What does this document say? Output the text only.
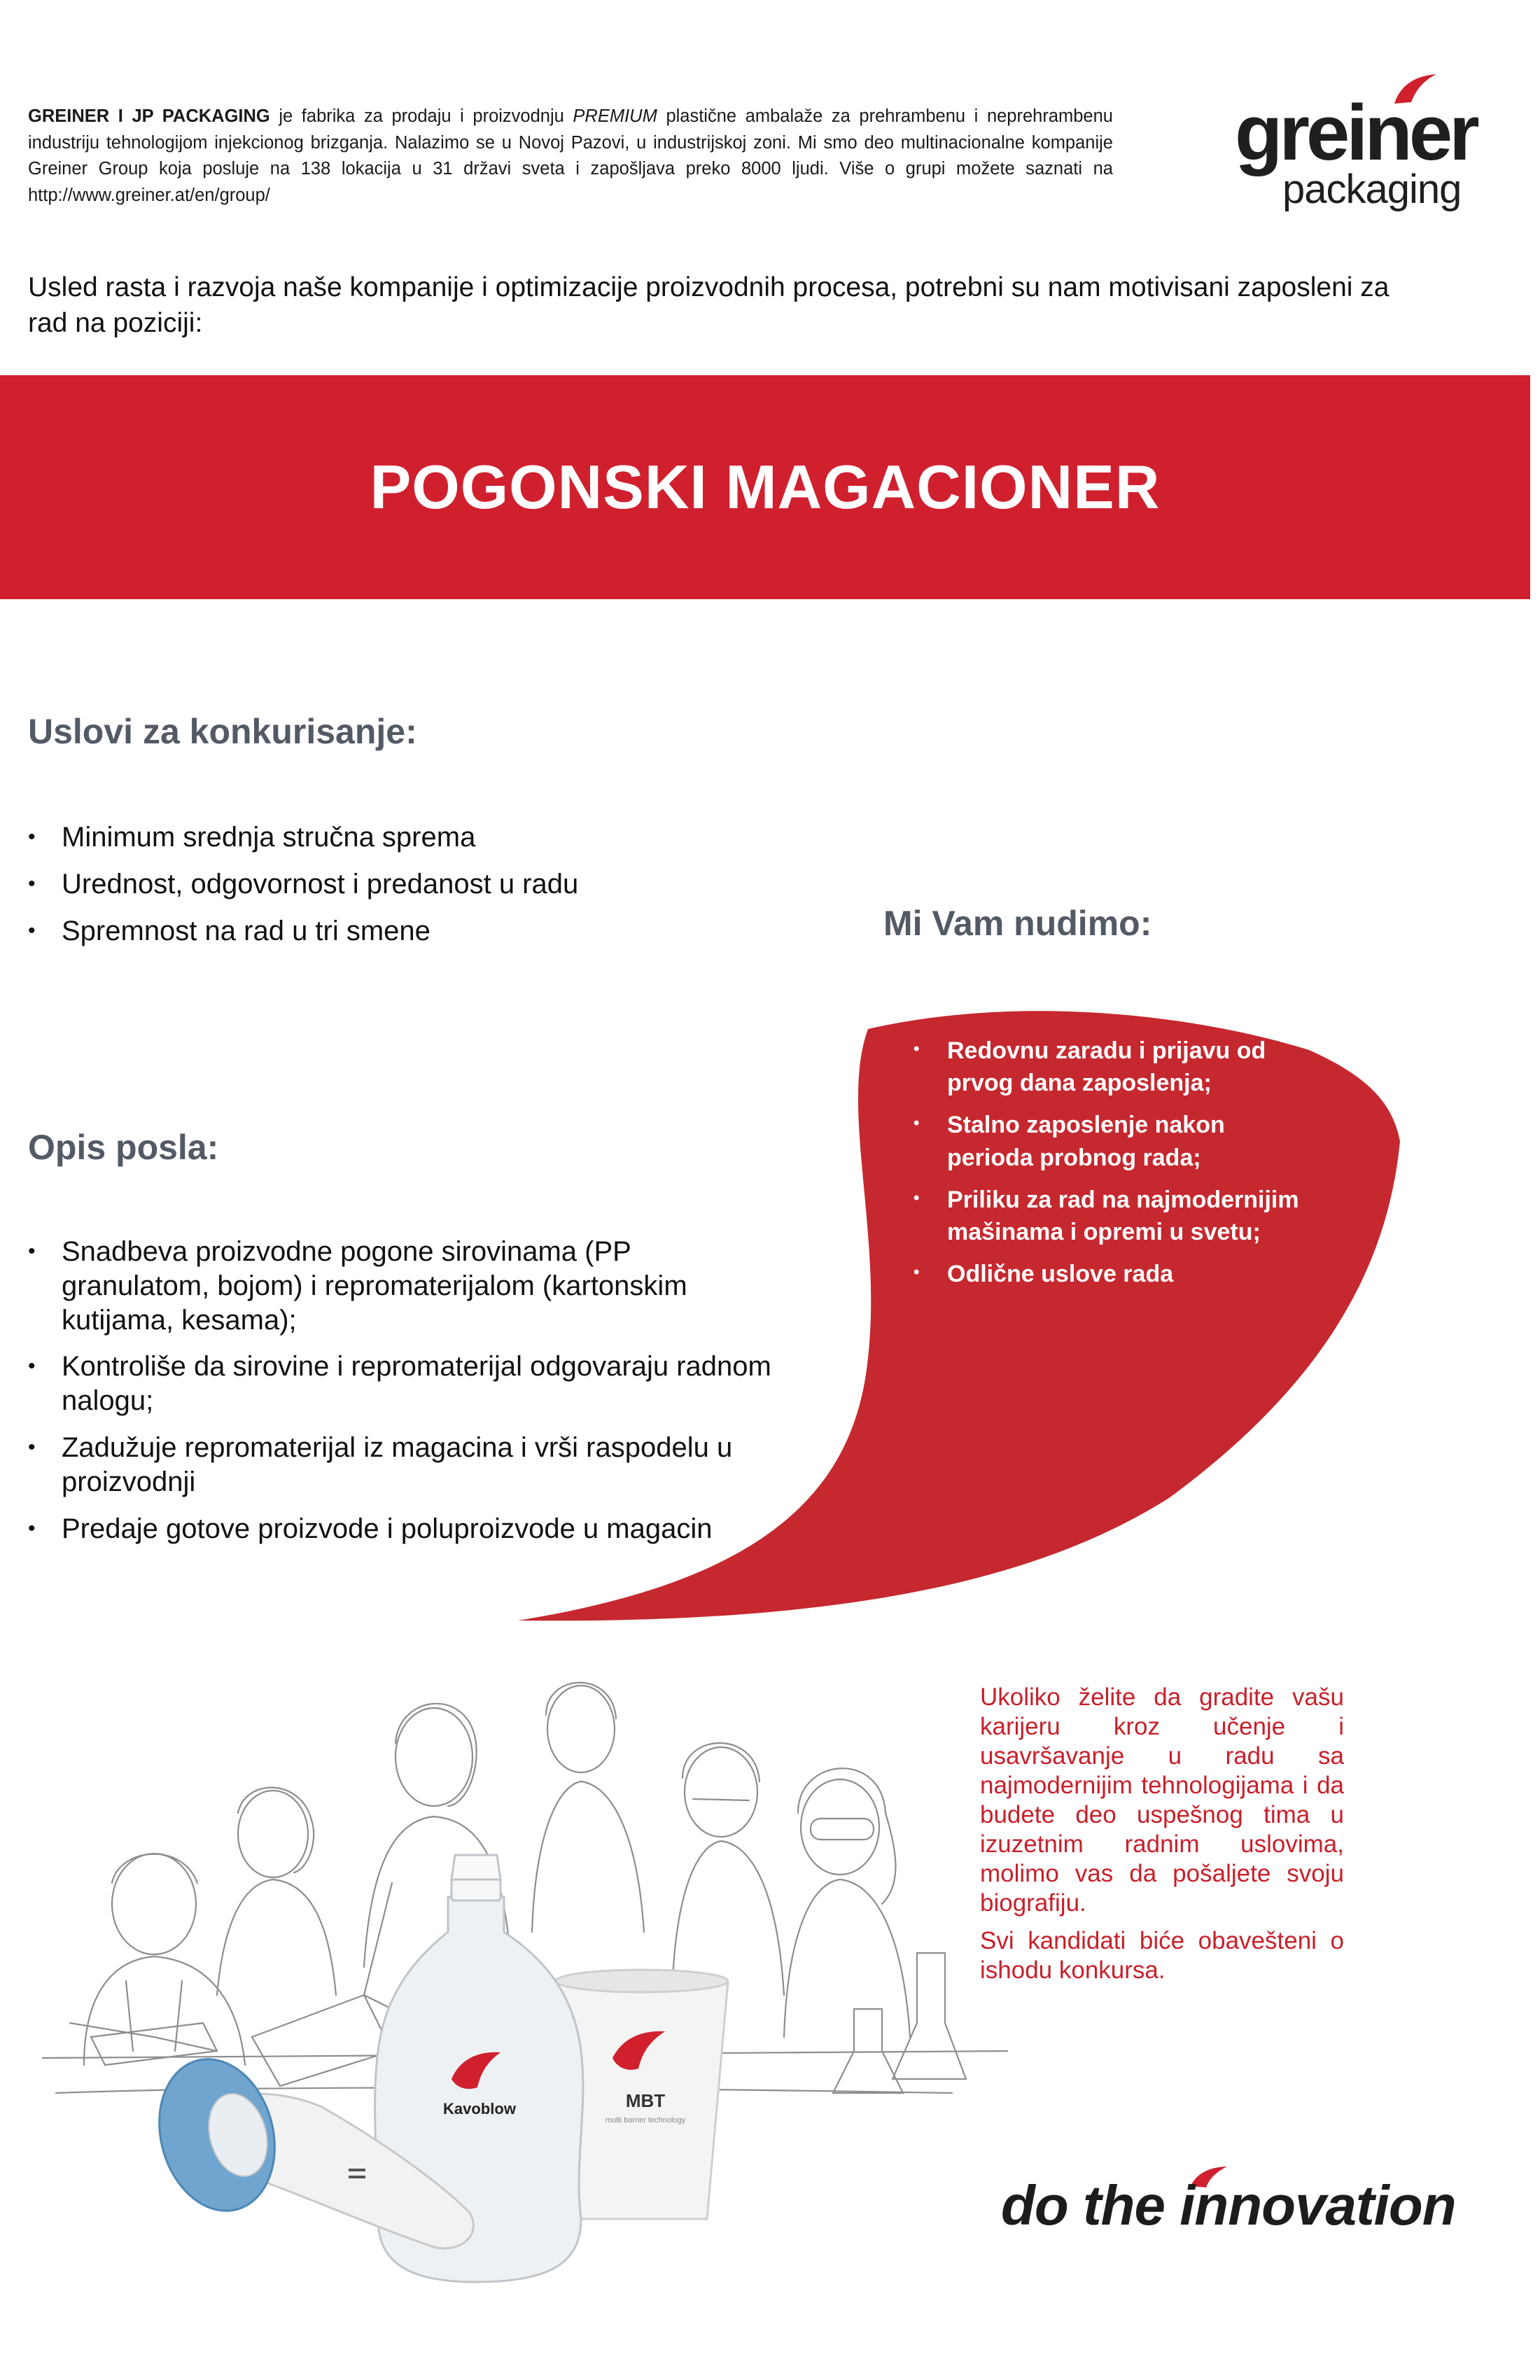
GREINER I JP PACKAGING je fabrika za prodaju i proizvodnju PREMIUM plastične ambalaže za prehrambenu i neprehrambenu industriju tehnologijom injekcionog brizganja. Nalazimo se u Novoj Pazovi, u industrijskoj zoni. Mi smo deo multinacionalne kompanije Greiner Group koja posluje na 138 lokacija u 31 državi sveta i zapošljava preko 8000 ljudi. Više o grupi možete saznati na http://www.greiner.at/en/group/
greiner
packaging
Usled rasta i razvoja naše kompanije i optimizacije proizvodnih procesa, potrebni su nam motivisani zaposleni za rad na poziciji:
POGONSKI MAGACIONER
Uslovi za konkurisanje:
• Minimum srednja stručna sprema
• Urednost, odgovornost i predanost u radu
• Spremnost na rad u tri smene	Mi Vam nudimo:
• Redovnu zaradu i prijavu od prvog dana zaposlenja;
• Stalno zaposlenje nakon perioda probnog rada;
• Priliku za rad na najmodernijim mašinama i opremi u svetu;
• Odlične uslove rada
Opis posla:
• Snadbeva proizvodne pogone sirovinama (PP granulatom, bojom) i repromaterijalom (kartonskim kutijama, kesama);
• Kontroliše da sirovine i repromaterijal odgovaraju radnom nalogu;
• Zadužuje repromaterijal iz magacina i vrši raspodelu u proizvodnji
• Predaje gotove proizvode i poluproizvode u magacin
MBT
multi barrier technology
Kavoblow

Ukoliko želite da gradite vašu karijeru kroz učenje i usavršavanje u radu sa najmodernijim tehnologijama i da budete deo uspešnog tima u izuzetnim radnim uslovima, molimo vas da pošaljete svoju biografiju.

Svi kandidati biće obavešteni o ishodu konkursa.

do the innovation
